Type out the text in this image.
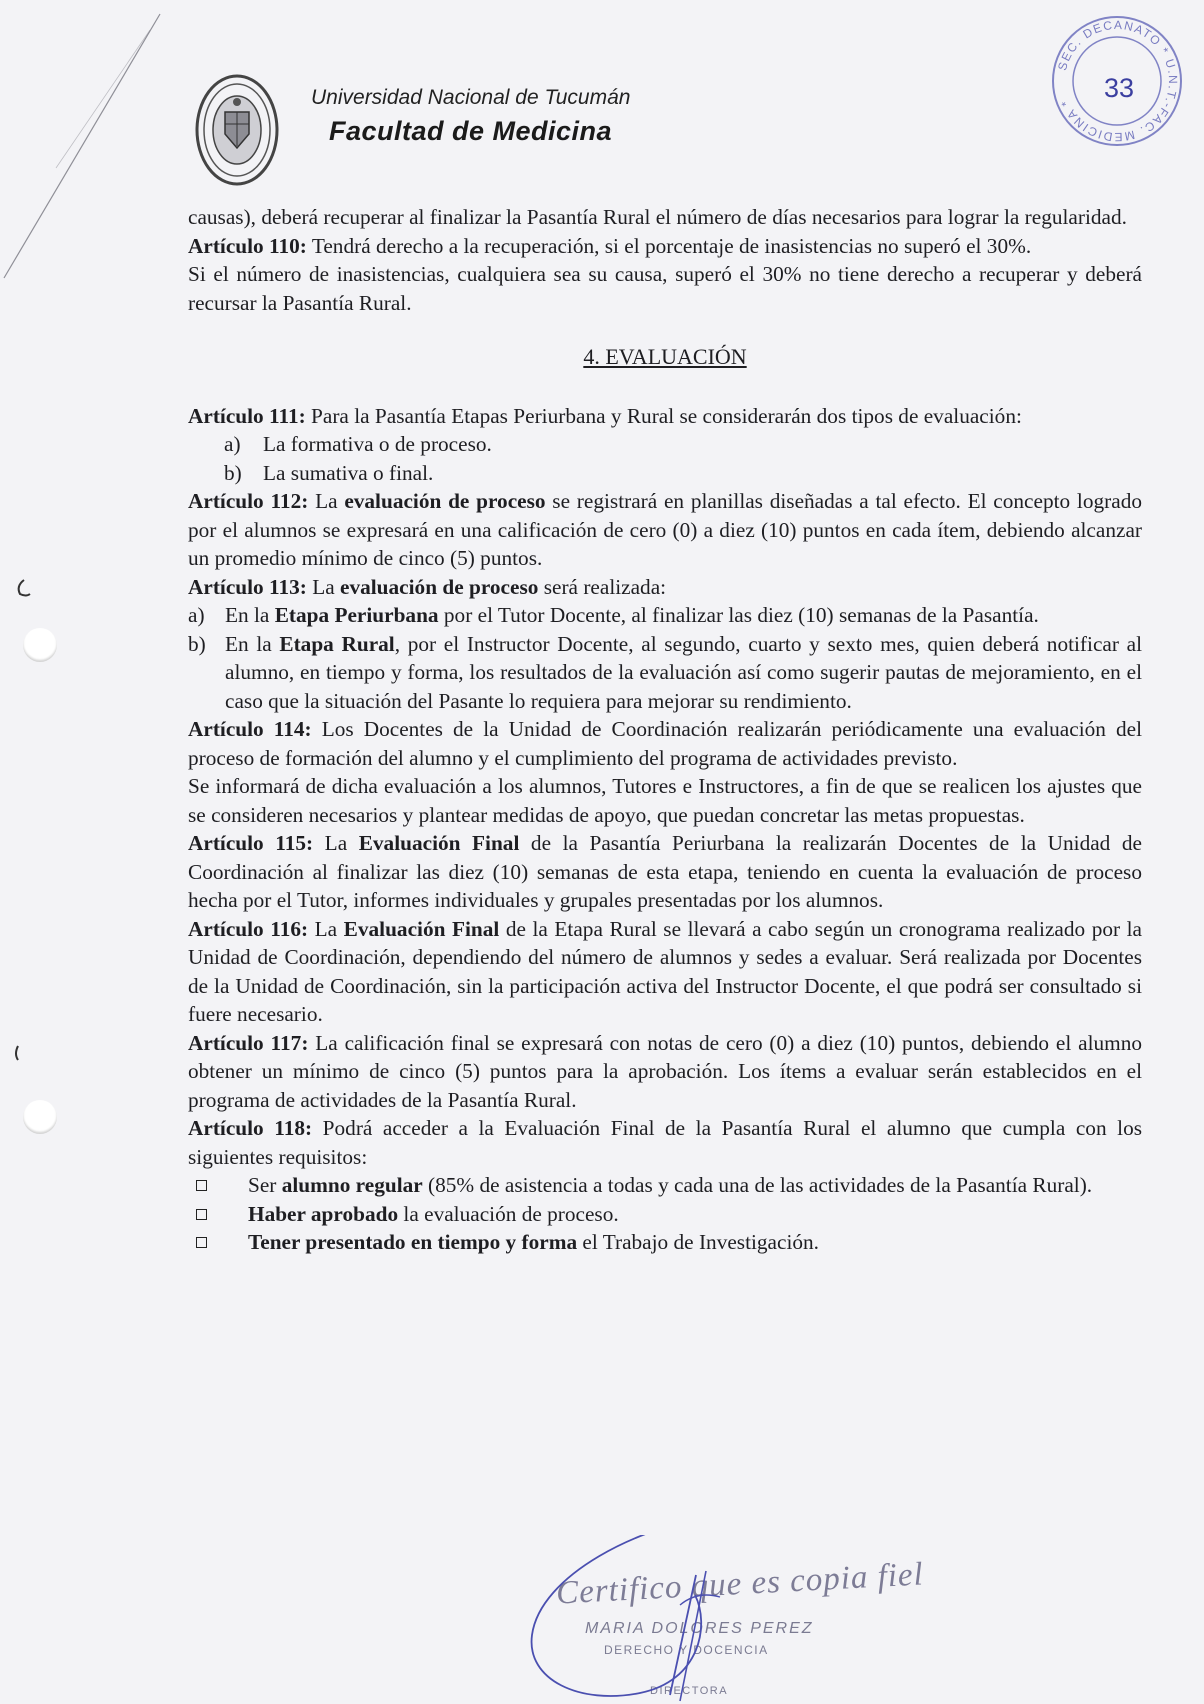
Universidad Nacional de Tucumán
Facultad de Medicina
SEC. DECANATO * U.N.T.-FAC. MEDICINA *	33

causas), deberá recuperar al finalizar la Pasantía Rural el número de días necesarios para lograr la regularidad.

Artículo 110: Tendrá derecho a la recuperación, si el porcentaje de inasistencias no superó el 30%.

Si el número de inasistencias, cualquiera sea su causa, superó el 30% no tiene derecho a recuperar y deberá recursar la Pasantía Rural.

4. EVALUACIÓN

Artículo 111: Para la Pasantía Etapas Periurbana y Rural se considerarán dos tipos de evaluación:

a)	La formativa o de proceso.
b) La sumativa o final.

Artículo 112: La evaluación de proceso se registrará en planillas diseñadas a tal efecto. El concepto logrado por el alumnos se expresará en una calificación de cero (0) a diez (10) puntos en cada ítem, debiendo alcanzar un promedio mínimo de cinco (5) puntos.

Artículo 113: La evaluación de proceso será realizada:

a) En la Etapa Periurbana por el Tutor Docente, al finalizar las diez (10) semanas de la Pasantía.
b) En la Etapa Rural, por el Instructor Docente, al segundo, cuarto y sexto mes, quien deberá notificar al alumno, en tiempo y forma, los resultados de la evaluación así como sugerir pautas de mejoramiento, en el caso que la situación del Pasante lo requiera para mejorar su rendimiento.

Artículo 114: Los Docentes de la Unidad de Coordinación realizarán periódicamente una evaluación del proceso de formación del alumno y el cumplimiento del programa de actividades previsto.

Se informará de dicha evaluación a los alumnos, Tutores e Instructores, a fin de que se realicen los ajustes que se consideren necesarios y plantear medidas de apoyo, que puedan concretar las metas propuestas.

Artículo 115: La Evaluación Final de la Pasantía Periurbana la realizarán Docentes de la Unidad de Coordinación al finalizar las diez (10) semanas de esta etapa, teniendo en cuenta la evaluación de proceso hecha por el Tutor, informes individuales y grupales presentadas por los alumnos.

Artículo 116: La Evaluación Final de la Etapa Rural se llevará a cabo según un cronograma realizado por la Unidad de Coordinación, dependiendo del número de alumnos y sedes a evaluar. Será realizada por Docentes de la Unidad de Coordinación, sin la participación activa del Instructor Docente, el que podrá ser consultado si fuere necesario.

Artículo 117: La calificación final se expresará con notas de cero (0) a diez (10) puntos, debiendo el alumno obtener un mínimo de cinco (5) puntos para la aprobación. Los ítems a evaluar serán establecidos en el programa de actividades de la Pasantía Rural.

Artículo 118: Podrá acceder a la Evaluación Final de la Pasantía Rural el alumno que cumpla con los siguientes requisitos:

Ser alumno regular (85% de asistencia a todas y cada una de las actividades de la Pasantía Rural).
Haber aprobado la evaluación de proceso.
Tener presentado en tiempo y forma el Trabajo de Investigación.
Certifico que es copia fiel
MARIA DOLORES PEREZ
DERECHO Y DOCENCIA
DIRECTORA
